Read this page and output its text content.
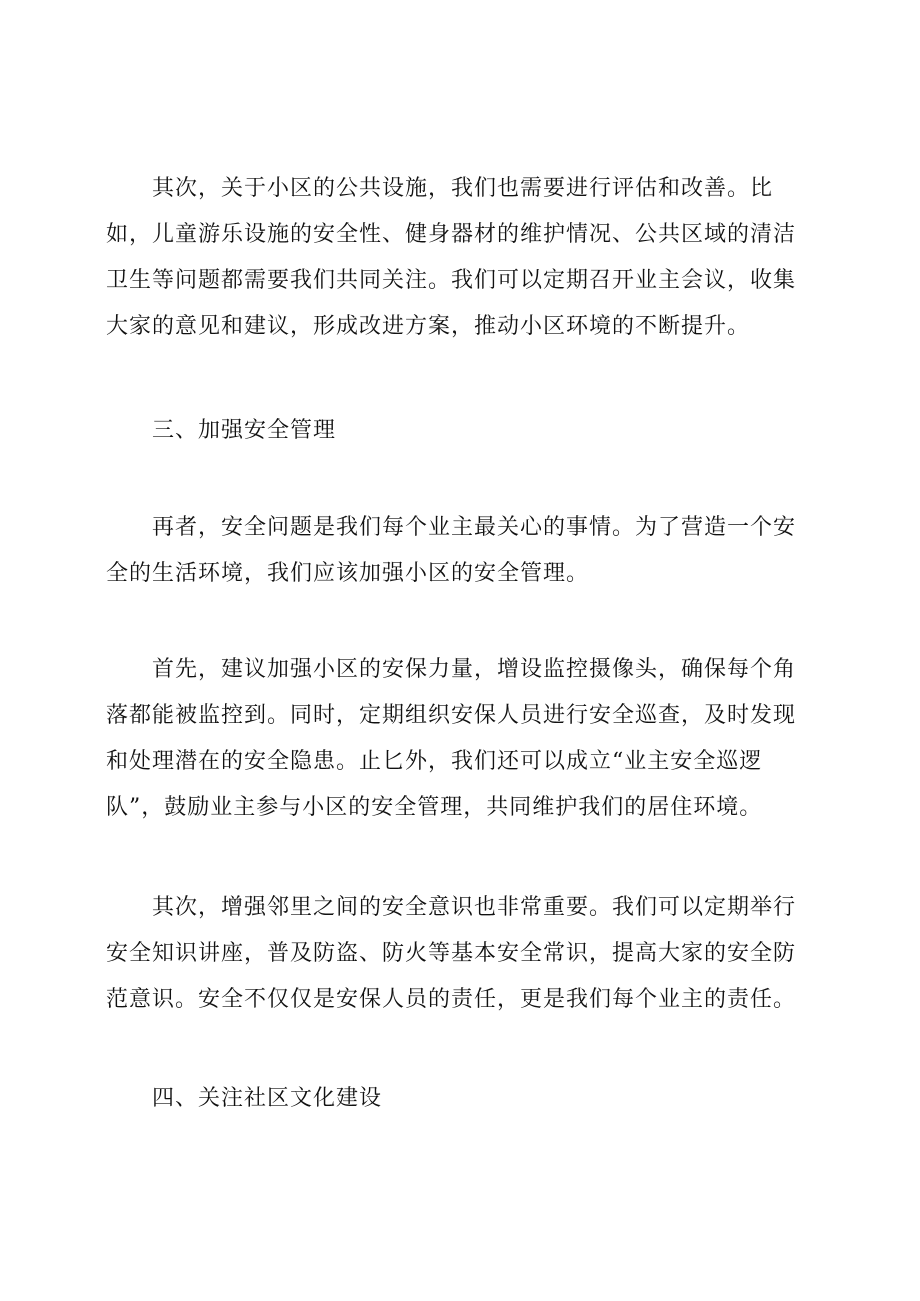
其次，关于小区的公共设施，我们也需要进行评估和改善。比
如，儿童游乐设施的安全性、健身器材的维护情况、公共区域的清洁
卫生等问题都需要我们共同关注。我们可以定期召开业主会议，收集
大家的意见和建议，形成改进方案，推动小区环境的不断提升。

三、加强安全管理

再者，安全问题是我们每个业主最关心的事情。为了营造一个安
全的生活环境，我们应该加强小区的安全管理。

首先，建议加强小区的安保力量，增设监控摄像头，确保每个角
落都能被监控到。同时，定期组织安保人员进行安全巡查，及时发现
和处理潜在的安全隐患。止匕外，我们还可以成立“业主安全巡逻
队”，鼓励业主参与小区的安全管理，共同维护我们的居住环境。

其次，增强邻里之间的安全意识也非常重要。我们可以定期举行
安全知识讲座，普及防盗、防火等基本安全常识，提高大家的安全防
范意识。安全不仅仅是安保人员的责任，更是我们每个业主的责任。

四、关注社区文化建设
